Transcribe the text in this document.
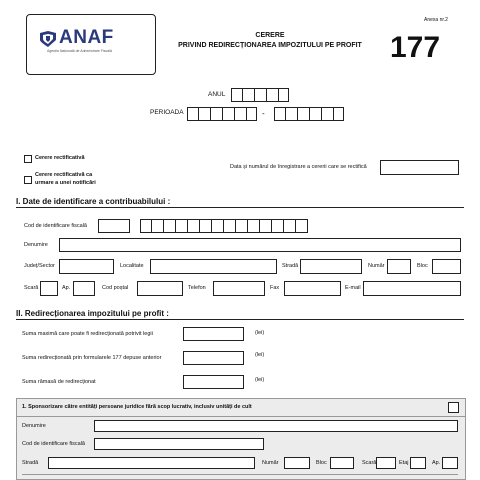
ANAF
Agenția Națională de Administrare Fiscală
CERERE
PRIVIND REDIRECȚIONAREA IMPOZITULUI PE PROFIT
Anexa nr.2
177
ANUL
PERIOADA	-
Cerere rectificativă
Cerere rectificativă ca
urmare a unei notificări
Data și numărul de înregistrare a cererii care se rectifică
I. Date de identificare a contribuabilului :
Cod de identificare fiscală
Denumire
Județ/Sector	Localitate	Stradă	Număr	Bloc
Scară	Ap.	Cod poștal	Telefon	Fax	E-mail
II. Redirecționarea impozitului pe profit :
Suma maximă care poate fi redirecționată potrivit legii	(lei)
Suma redirecționată prin formularele 177 depuse anterior	(lei)
Suma rămasă de redirecționat	(lei)
1. Sponsorizare către entități persoane juridice fără scop lucrativ, inclusiv unități de cult
Denumire
Cod de identificare fiscală
Stradă	Număr	Bloc	Scară	Etaj	Ap.
